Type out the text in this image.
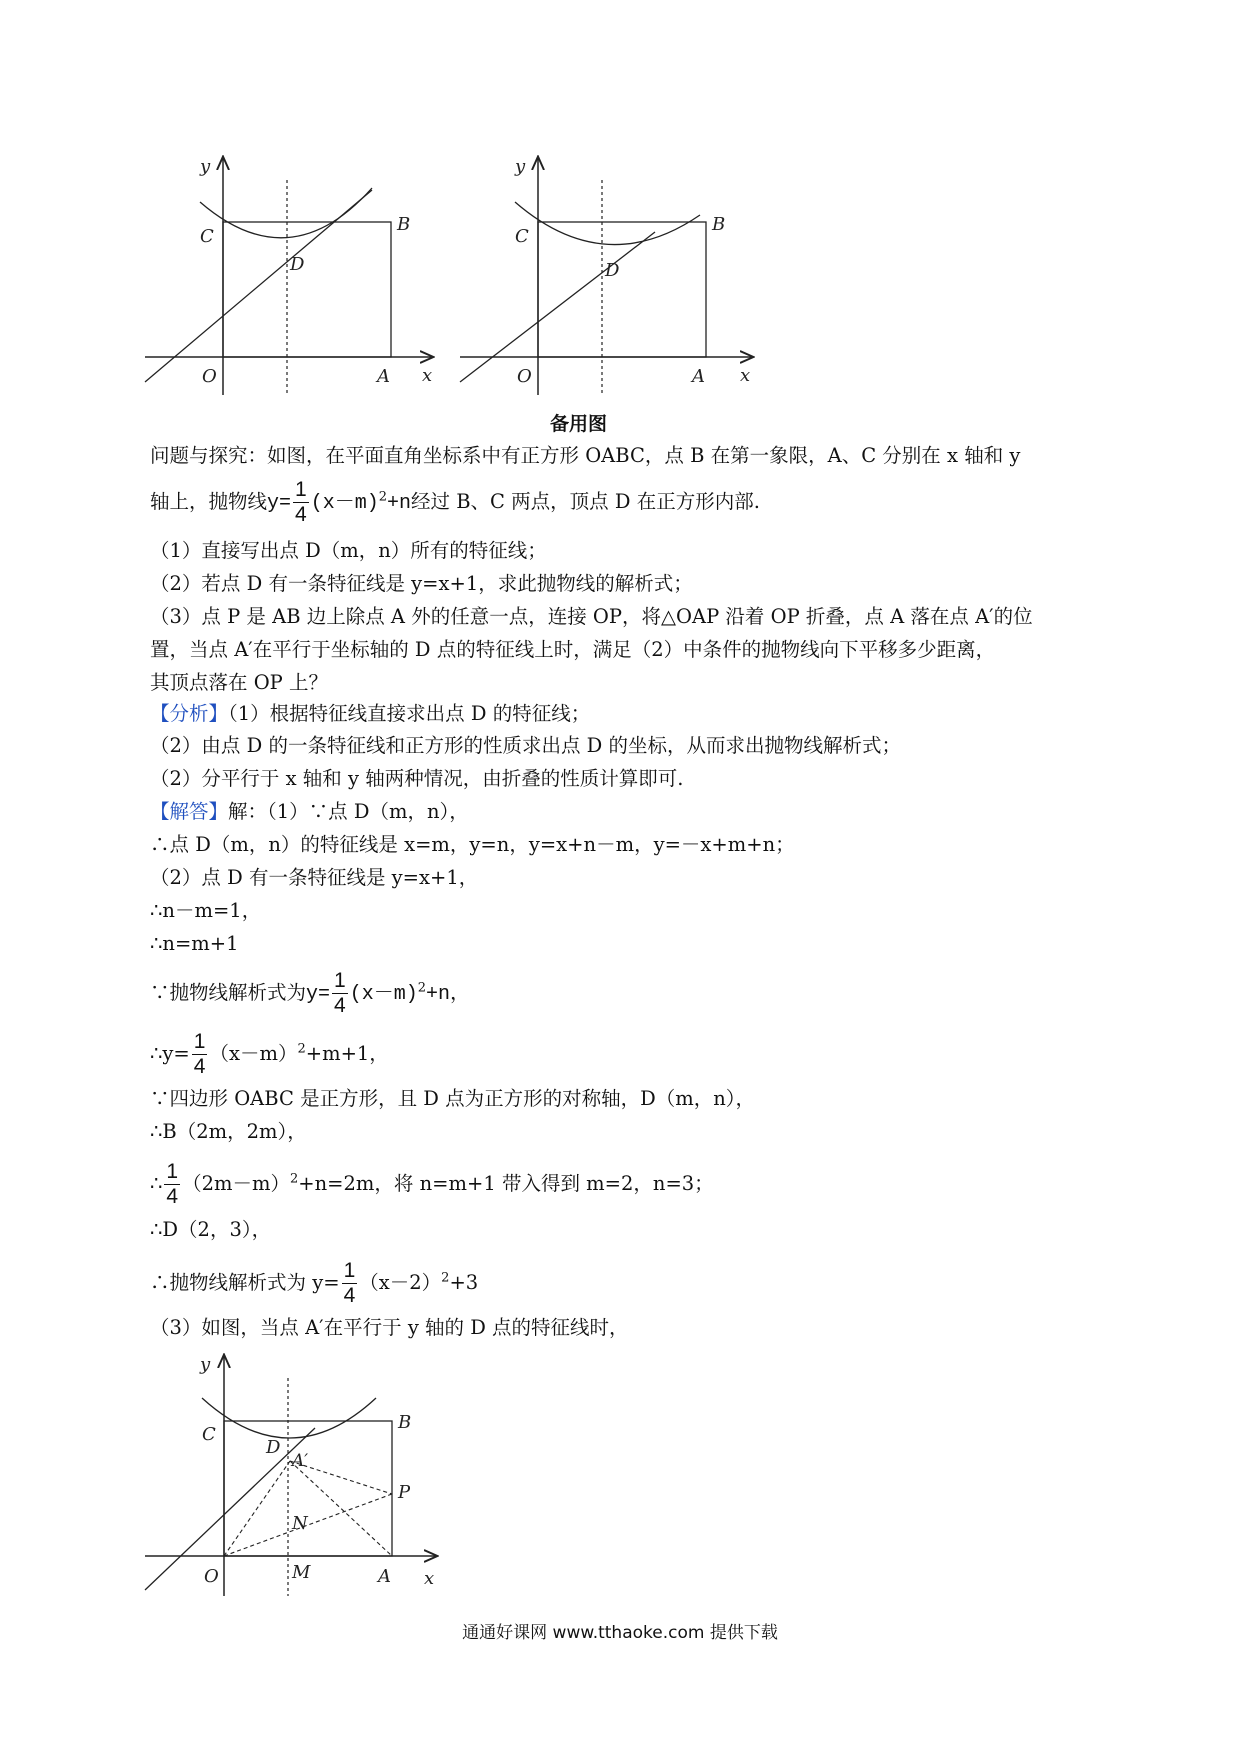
y
x
O	A
B
C
D
y
x
O	A
B
C
D
备用图
问题与探究：如图，在平面直角坐标系中有正方形 OABC，点 B 在第一象限，A、C 分别在 x 轴和 y
轴上，抛物线$y= \frac{1}{4} (x-m)^2+n$经过 B、C 两点，顶点 D 在正方形内部.
（1）直接写出点 D（m，n）所有的特征线；
（2）若点 D 有一条特征线是 y=x+1，求此抛物线的解析式；
（3）点 P 是 AB 边上除点 A 外的任意一点，连接 OP，将△OAP 沿着 OP 折叠，点 A 落在点 A′的位
置，当点 A′在平行于坐标轴的 D 点的特征线上时，满足（2）中条件的抛物线向下平移多少距离，
其顶点落在 OP 上？
【分析】（1）根据特征线直接求出点 D 的特征线；
（2）由点 D 的一条特征线和正方形的性质求出点 D 的坐标，从而求出抛物线解析式；
（2）分平行于 x 轴和 y 轴两种情况，由折叠的性质计算即可.
【解答】解：（1）∵点 D（m，n），
∴点 D（m，n）的特征线是 x=m，y=n，y=x+n－m，y=－x+m+n；
（2）点 D 有一条特征线是 y=x+1，
∴n－m=1，
∴n=m+1
∵抛物线解析式为$y= \frac{1}{4} (x-m)^2+n$，
∴y= $\frac{1}{4} (x-m)^2+m+1$，
∵四边形 OABC 是正方形，且 D 点为正方形的对称轴，D（m，n），
∴B（2m，2m），
∴ $\frac{1}{4} (2m-m)^2+n=2m$，将 n=m+1 带入得到 m=2，n=3；
∴D（2，3），
∴抛物线解析式为 $y= \frac{1}{4} (x-2)^2+3$
（3）如图，当点 A′在平行于 y 轴的 D 点的特征线时，
y
x
O	M	A
B
C
D
A′
P
N
通通好课网 www.tthaoke.com 提供下载
